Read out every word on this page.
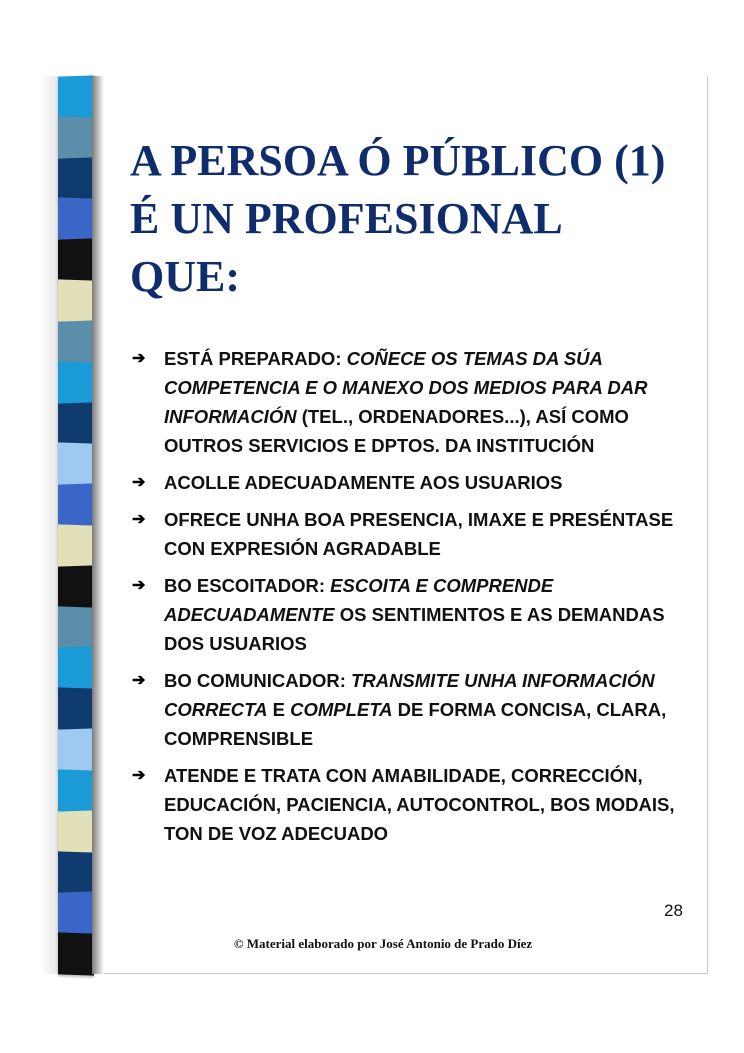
A PERSOA Ó PÚBLICO (1)
É UN PROFESIONAL
QUE:
➔ ESTÁ PREPARADO: COÑECE OS TEMAS DA SÚA COMPETENCIA E O MANEXO DOS MEDIOS PARA DAR INFORMACIÓN (TEL., ORDENADORES...), ASÍ COMO OUTROS SERVICIOS E DPTOS. DA INSTITUCIÓN
➔ ACOLLE ADECUADAMENTE AOS USUARIOS
➔ OFRECE UNHA BOA PRESENCIA, IMAXE E PRESÉNTASE CON EXPRESIÓN AGRADABLE
➔ BO ESCOITADOR: ESCOITA E COMPRENDE ADECUADAMENTE OS SENTIMENTOS E AS DEMANDAS DOS USUARIOS
➔ BO COMUNICADOR: TRANSMITE UNHA INFORMACIÓN CORRECTA E COMPLETA DE FORMA CONCISA, CLARA, COMPRENSIBLE
➔ ATENDE E TRATA CON AMABILIDADE, CORRECCIÓN, EDUCACIÓN, PACIENCIA, AUTOCONTROL, BOS MODAIS, TON DE VOZ ADECUADO
28
© Material elaborado por José Antonio de Prado Díez
